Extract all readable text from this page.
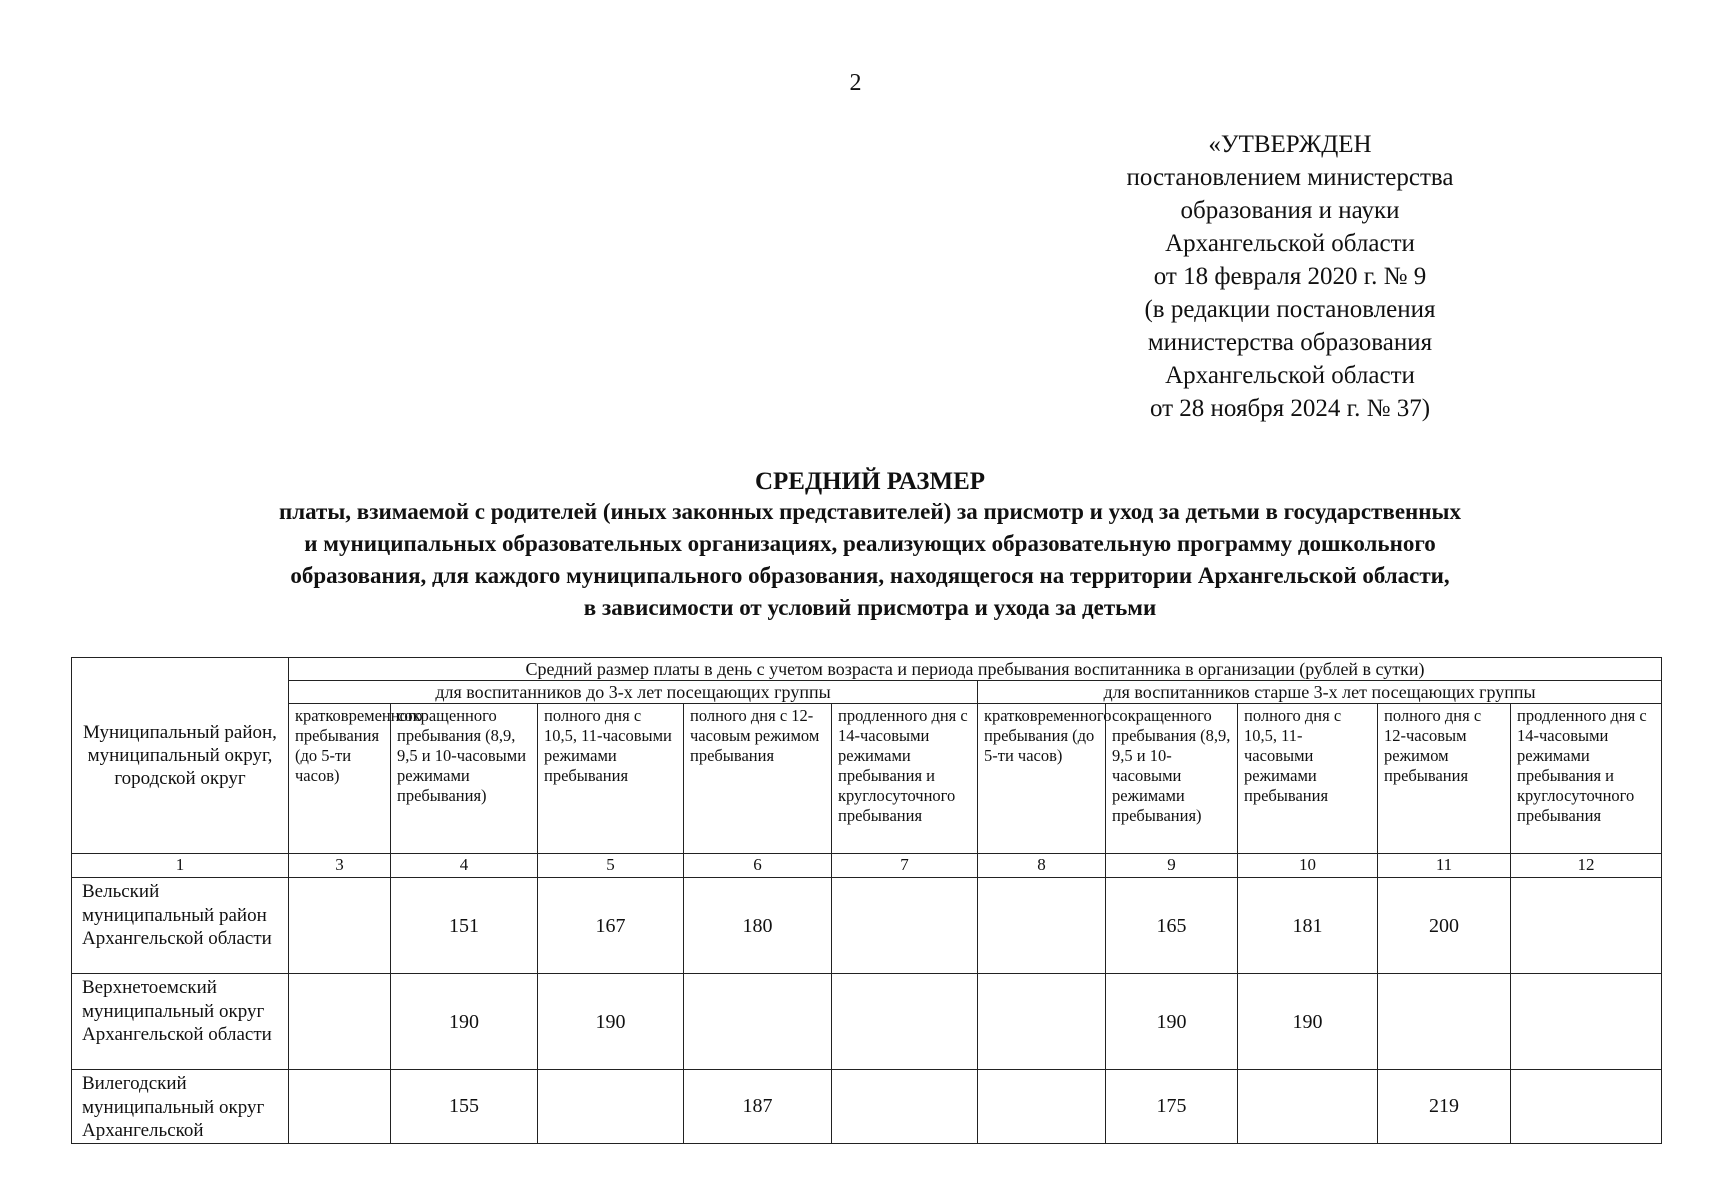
2
«УТВЕРЖДЕН
постановлением министерства
образования и науки
Архангельской области
от 18 февраля 2020 г. № 9
(в редакции постановления
министерства образования
Архангельской области
от 28 ноября 2024 г. № 37)
СРЕДНИЙ РАЗМЕР
платы, взимаемой с родителей (иных законных представителей) за присмотр и уход за детьми в государственных
и муниципальных образовательных организациях, реализующих образовательную программу дошкольного
образования, для каждого муниципального образования, находящегося на территории Архангельской области,
в зависимости от условий присмотра и ухода за детьми
Муниципальный район, муниципальный округ, городской округ	Средний размер платы в день с учетом возраста и периода пребывания воспитанника в организации (рублей в сутки)									
	для воспитанников до 3-х лет посещающих группы					для воспитанников старше 3-х лет посещающих группы				
	кратковременного пребывания (до 5-ти часов)	сокращенного пребывания (8,9, 9,5 и 10-часовыми режимами пребывания)	полного дня с 10,5, 11-часовыми режимами пребывания	полного дня с 12-часовым режимом пребывания	продленного дня с 14-часовыми режимами пребывания и круглосуточного пребывания	кратковременного пребывания (до 5-ти часов)	сокращенного пребывания (8,9, 9,5 и 10-часовыми режимами пребывания)	полного дня с 10,5, 11-часовыми режимами пребывания	полного дня с 12-часовым режимом пребывания	продленного дня с 14-часовыми режимами пребывания и круглосуточного пребывания
1	3	4	5	6	7	8	9	10	11	12
Вельский муниципальный район Архангельской области		151	167	180			165	181	200	
Верхнетоемский муниципальный округ Архангельской области		190	190				190	190		
Вилегодский муниципальный округ Архангельской		155		187			175		219	
